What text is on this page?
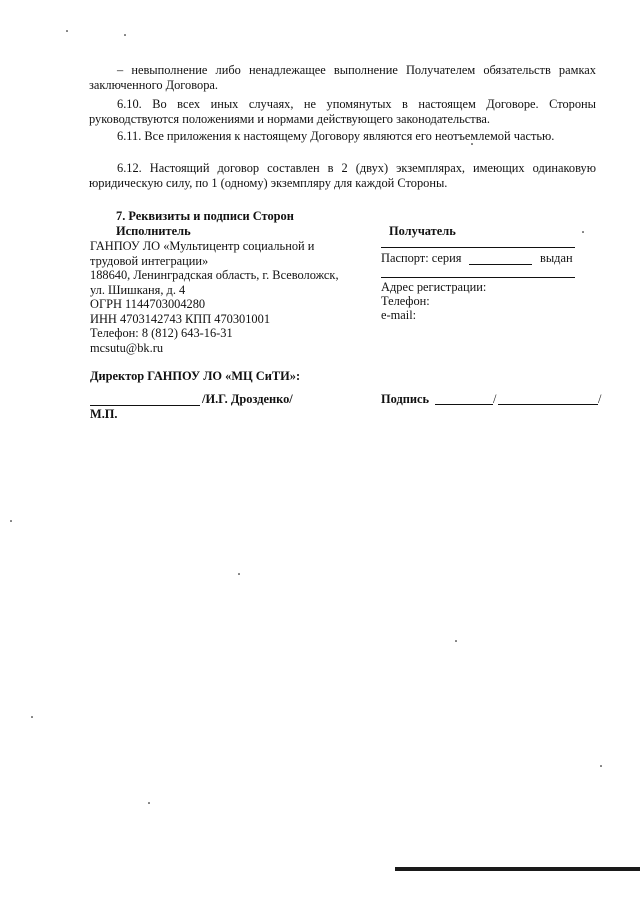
– невыполнение либо ненадлежащее выполнение Получателем обязательств рамках заключенного Договора.
6.10. Во всех иных случаях, не упомянутых в настоящем Договоре. Стороны руководствуются положениями и нормами действующего законодательства.
6.11. Все приложения к настоящему Договору являются его неотъемлемой частью.
6.12. Настоящий договор составлен в 2 (двух) экземплярах, имеющих одинаковую юридическую силу, по 1 (одному) экземпляру для каждой Стороны.
7. Реквизиты и подписи Сторон
Исполнитель
ГАНПОУ ЛО «Мультицентр социальной и
трудовой интеграции»
188640, Ленинградская область, г. Всеволожск,
ул. Шишканя, д. 4
ОГРН 1144703004280
ИНН 4703142743 КПП 470301001
Телефон: 8 (812) 643-16-31
mcsutu@bk.ru
Получатель
Паспорт: серия	выдан
Адрес регистрации:
Телефон:
e-mail:
Директор ГАНПОУ ЛО «МЦ СиТИ»:
/И.Г. Дрозденко/
М.П.
Подпись	/	/
